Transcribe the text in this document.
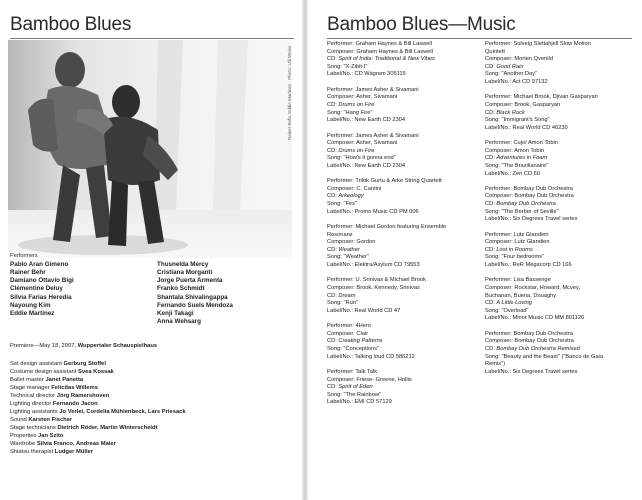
Bamboo Blues
Rainer Behr, Eddie Martinez · Photo: Ulli Weiss
Performers
Pablo Aran Gimeno
Rainer Behr
Damiano Ottavio Bigi
Clémentine Deluy
Silvia Farias Heredia
Nayoung Kim
Eddie Martinez
Thusnelda Mercy
Cristiana Morganti
Jorge Puerta Armenta
Franko Schmidt
Shantala Shivalingappa
Fernando Suels Mendoza
Kenji Takagi
Anna Wehsarg
Premiere—May 18, 2007, Wuppertaler Schauspielhaus
Set design assistant Gerburg Stoffel
Costume design assistant Svea Kossak
Ballet master Janet Panetta
Stage manager Felicitas Willems
Technical director Jörg Ramershoven
Lighting director Fernando Jacon
Lighting assistants Jo Verlei, Cordelia Mühlenbeck, Lars Priesack
Sound Karsten Fischer
Stage technicians Dietrich Röder, Martin Winterscheidt
Properties Jan Szito
Wardrobe Silvia Franco, Andreas Maier
Shiatsu therapist Ludger Müller
Bamboo Blues—Music
Performer: Graham Haynes & Bill Laswell
Composer: Graham Haynes & Bill Laswell
CD: Spirit of India: Traditional & New Vibes
Song: "X-Zibit-I"
Label/No.: CD Wagram 305115
Performer: James Asher & Sivamani
Composer: Asher, Sivamani
CD: Drums on Fire
Song: "Hang Fire"
Label/No.: New Earth CD 2304
Performer: James Asher & Sivamani
Composer: Asher, Sivamani
CD: Drums on Fire
Song: "How's it gonna end"
Label/No.: New Earth CD 2304
Performer: Trilok Gurtu & Arke String Quartett
Composer: C. Cantini
CD: Arkeology
Song: "Fes"
Label/No.: Promo Music CD PM 006
Performer: Michael Gordon featuring Ensemble
Resonanz
Composer: Gordon
CD: Weather
Song: "Weather"
Label/No.: Elektra/Asylum CD 79553
Performer: U. Srinivas & Michael Brook
Composer: Brook, Kennedy, Srinivas
CD: Dream
Song: "Run"
Label/No.: Real World CD 47
Performer: 4Hero
Composer: Clair
CD: Creating Patterns
Song: "Conceptions"
Label/No.: Talking loud CD 586212
Performer: Talk Talk
Composer: Friese- Greene, Hollis
CD: Spirit of Eden
Song: "The Rainbow"
Label/No.: EMI CD 57129
Performer: Solveig Slettahjell Slow Motion
Quintett
Composer: Morten Qvenild
CD: Good Rain
Song: "Another Day"
Label/No.: Act CD 97132
Performer: Michael Brook, Djivan Gasparyan
Composer: Brook, Gasparyan
CD: Black Rock
Song: "Immigrant's Song"
Label/No.: Real World CD 46230
Performer: Cujo/ Amon Tobin
Composer: Amon Tobin
CD: Adventures in Foam
Song: "The Brazilianaire"
Label/No.: Zen CD 60
Performer: Bombay Dub Orchestra
Composer: Bombay Dub Orchestra
CD: Bombay Dub Orchestra
Song: "The Berber of Seville"
Label/No.: Six Degrees Travel series
Performer: Lutz Glandien
Composer: Lutz Glandien
CD: Lost in Rooms
Song: "Four bedrooms"
Label/No.: ReR Megacorp CD 166
Performer: Lisa Bassenge
Composer: Rockstar, Howard, Mcvey,
Buchanan, Buena, Douaghy
CD: A Little Loving
Song: "Overload"
Label/No.: Minor Music CD MM 801126
Performer: Bombay Dub Orchestra
Composer: Bombay Dub Orchestra
CD: Bombay Dub Orchestra Remixed
Song: "Beauty and the Beast" ("Banco de Gaia
Remix")
Label/No.: Six Degrees Travel series
